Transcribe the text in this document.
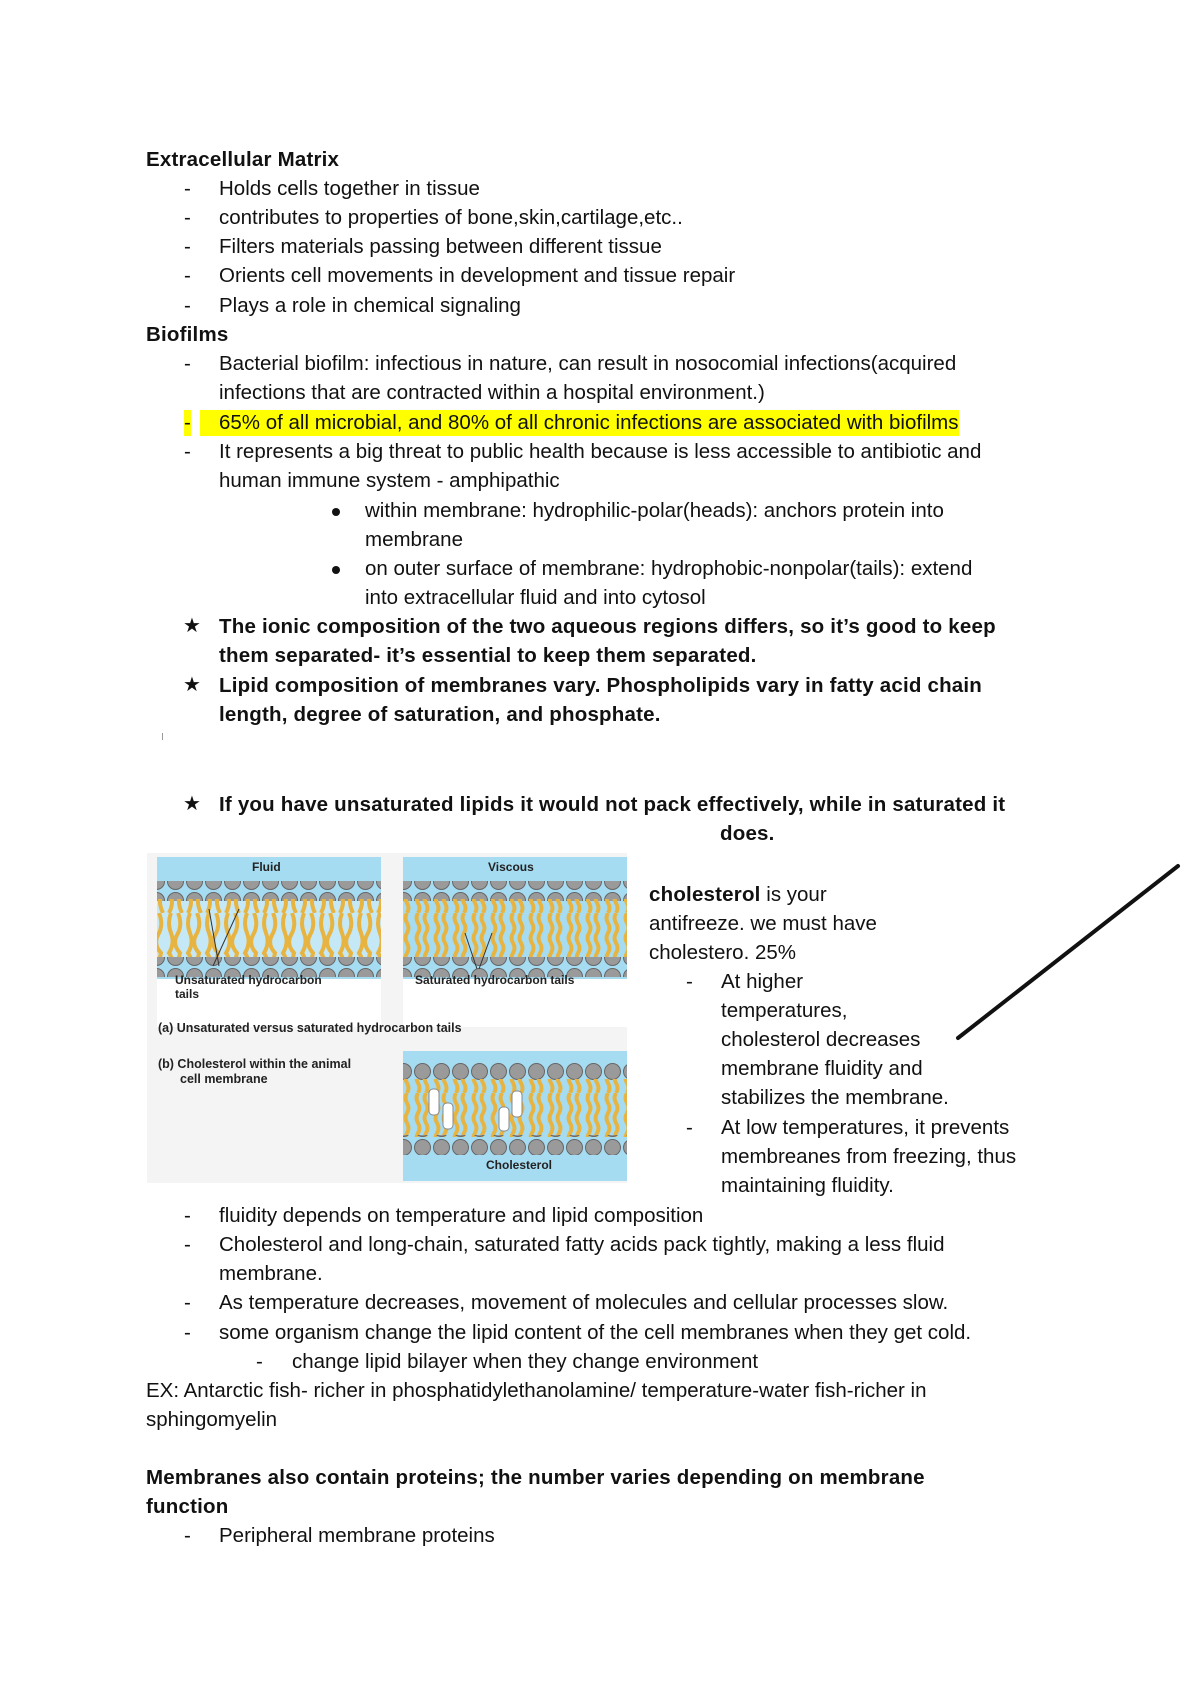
Extracellular Matrix
- Holds cells together in tissue
- contributes to properties of bone,skin,cartilage,etc..
- Filters materials passing between different tissue
- Orients cell movements in development and tissue repair
- Plays a role in chemical signaling
Biofilms
- Bacterial biofilm: infectious in nature, can result in nosocomial infections(acquired
infections that are contracted within a hospital environment.)
-	65% of all microbial, and 80% of all chronic infections are associated with biofilms
- It represents a big threat to public health because is less accessible to antibiotic and
human immune system - amphipathic
within membrane: hydrophilic-polar(heads): anchors protein into
membrane
on outer surface of membrane: hydrophobic-nonpolar(tails): extend
into extracellular fluid and into cytosol
★ The ionic composition of the two aqueous regions differs, so it’s good to keep
them separated- it’s essential to keep them separated.
★ Lipid composition of membranes vary. Phospholipids vary in fatty acid chain
length, degree of saturation, and phosphate.
★ If you have unsaturated lipids it would not pack effectively, while in saturated it
does.
Fluid	Viscous
Unsaturated hydrocarbon
tails
Saturated hydrocarbon tails
(a) Unsaturated versus saturated hydrocarbon tails
(b) Cholesterol within the animal
cell membrane
Cholesterol
cholesterol is your
antifreeze. we must have
cholestero. 25%
- At higher
temperatures,
cholesterol decreases
membrane fluidity and
stabilizes the membrane.
- At low temperatures, it prevents
membreanes from freezing, thus
maintaining fluidity.
- fluidity depends on temperature and lipid composition
- Cholesterol and long-chain, saturated fatty acids pack tightly, making a less fluid
membrane.
- As temperature decreases, movement of molecules and cellular processes slow.
- some organism change the lipid content of the cell membranes when they get cold.
- change lipid bilayer when they change environment
EX: Antarctic fish- richer in phosphatidylethanolamine/ temperature-water fish-richer in
sphingomyelin
Membranes also contain proteins; the number varies depending on membrane
function
- Peripheral membrane proteins
